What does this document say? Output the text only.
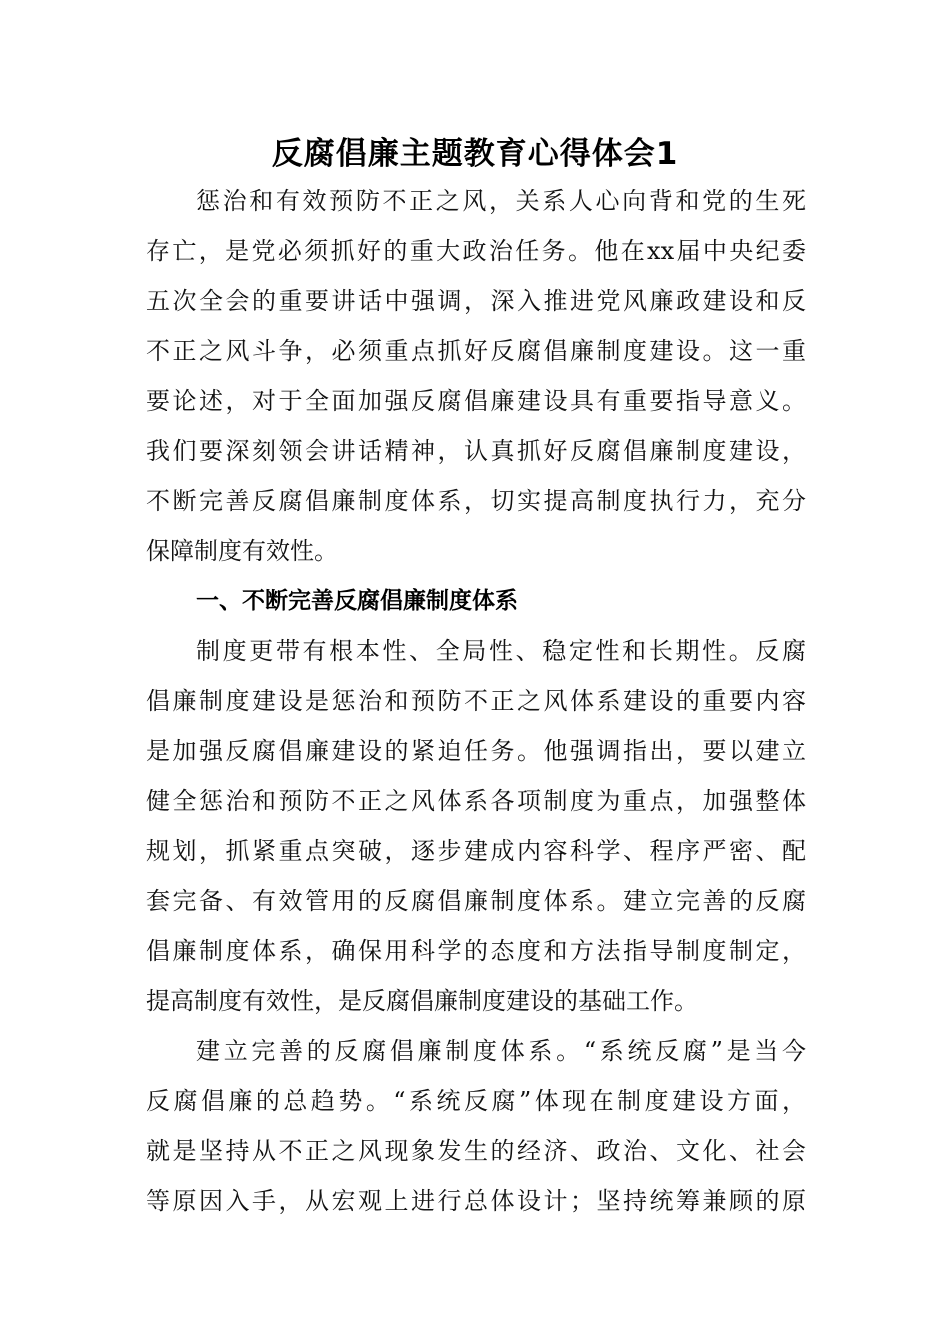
反腐倡廉主题教育心得体会1
惩治和有效预防不正之风，关系人心向背和党的生死
存亡，是党必须抓好的重大政治任务。他在xx届中央纪委
五次全会的重要讲话中强调，深入推进党风廉政建设和反
不正之风斗争，必须重点抓好反腐倡廉制度建设。这一重
要论述，对于全面加强反腐倡廉建设具有重要指导意义。
我们要深刻领会讲话精神，认真抓好反腐倡廉制度建设，
不断完善反腐倡廉制度体系，切实提高制度执行力，充分
保障制度有效性。
一、不断完善反腐倡廉制度体系
制度更带有根本性、全局性、稳定性和长期性。反腐
倡廉制度建设是惩治和预防不正之风体系建设的重要内容
是加强反腐倡廉建设的紧迫任务。他强调指出，要以建立
健全惩治和预防不正之风体系各项制度为重点，加强整体
规划，抓紧重点突破，逐步建成内容科学、程序严密、配
套完备、有效管用的反腐倡廉制度体系。建立完善的反腐
倡廉制度体系，确保用科学的态度和方法指导制度制定，
提高制度有效性，是反腐倡廉制度建设的基础工作。
建立完善的反腐倡廉制度体系。“系统反腐”是当今
反腐倡廉的总趋势。“系统反腐”体现在制度建设方面，
就是坚持从不正之风现象发生的经济、政治、文化、社会
等原因入手，从宏观上进行总体设计；坚持统筹兼顾的原
